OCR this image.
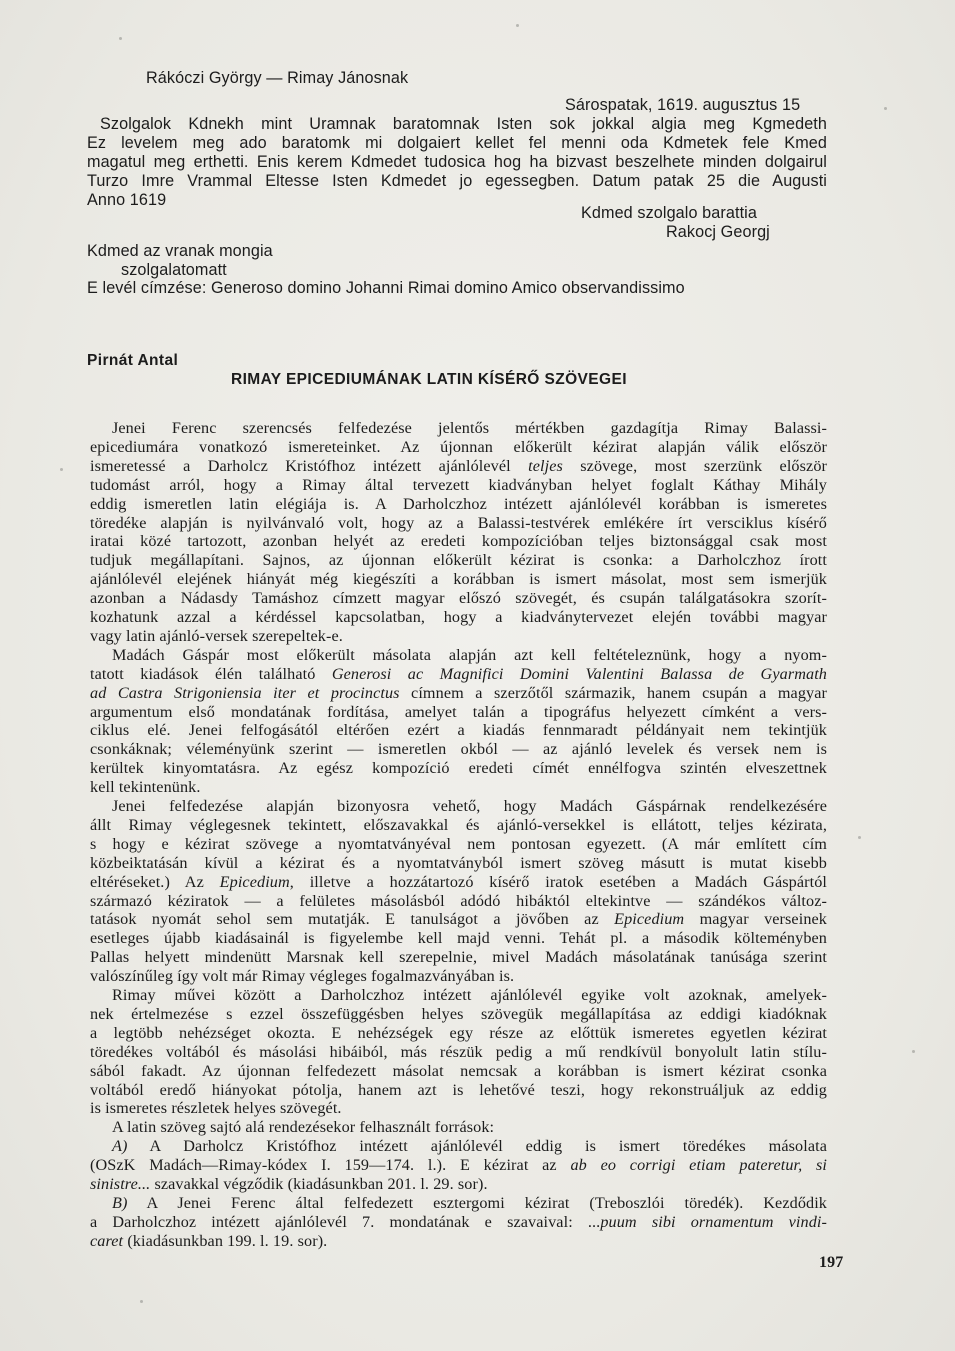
Rákóczi György — Rimay Jánosnak
Sárospatak, 1619. augusztus 15
Szolgalok Kdnekh mint Uramnak baratomnak Isten sok jokkal algia meg Kgmedeth
Ez levelem meg ado baratomk mi dolgaiert kellet fel menni oda Kdmetek fele Kmed
magatul meg erthetti. Enis kerem Kdmedet tudosica hog ha bizvast beszelhete minden dolgairul
Turzo Imre Vrammal Eltesse Isten Kdmedet jo egessegben. Datum patak 25 die Augusti
Anno 1619
Kdmed szolgalo barattia
Rakocj Georgj
Kdmed az vranak mongia
szolgalatomatt
E levél címzése: Generoso domino Johanni Rimai domino Amico observandissimo
Pirnát Antal
RIMAY EPICEDIUMÁNAK LATIN KÍSÉRŐ SZÖVEGEI
Jenei Ferenc szerencsés felfedezése jelentős mértékben gazdagítja Rimay Balassi-
epicediumára vonatkozó ismereteinket. Az újonnan előkerült kézirat alapján válik először
ismeretessé a Darholcz Kristófhoz intézett ajánlólevél teljes szövege, most szerzünk először
tudomást arról, hogy a Rimay által tervezett kiadványban helyet foglalt Káthay Mihály
eddig ismeretlen latin elégiája is. A Darholczhoz intézett ajánlólevél korábban is ismeretes
töredéke alapján is nyilvánvaló volt, hogy az a Balassi-testvérek emlékére írt versciklus kísérő
iratai közé tartozott, azonban helyét az eredeti kompozícióban teljes biztonsággal csak most
tudjuk megállapítani. Sajnos, az újonnan előkerült kézirat is csonka: a Darholczhoz írott
ajánlólevél elejének hiányát még kiegészíti a korábban is ismert másolat, most sem ismerjük
azonban a Nádasdy Tamáshoz címzett magyar előszó szövegét, és csupán találgatásokra szorít-
kozhatunk azzal a kérdéssel kapcsolatban, hogy a kiadványtervezet elején további magyar
vagy latin ajánló-versek szerepeltek-e.
Madách Gáspár most előkerült másolata alapján azt kell feltételeznünk, hogy a nyom-
tatott kiadások élén található Generosi ac Magnifici Domini Valentini Balassa de Gyarmath
ad Castra Strigoniensia iter et procinctus címnem a szerzőtől származik, hanem csupán a magyar
argumentum első mondatának fordítása, amelyet talán a tipográfus helyezett címként a vers-
ciklus elé. Jenei felfogásától eltérően ezért a kiadás fennmaradt példányait nem tekintjük
csonkáknak; véleményünk szerint — ismeretlen okból — az ajánló levelek és versek nem is
kerültek kinyomtatásra. Az egész kompozíció eredeti címét ennélfogva szintén elveszettnek
kell tekintenünk.
Jenei felfedezése alapján bizonyosra vehető, hogy Madách Gáspárnak rendelkezésére
állt Rimay véglegesnek tekintett, előszavakkal és ajánló-versekkel is ellátott, teljes kézirata,
s hogy e kézirat szövege a nyomtatványéval nem pontosan egyezett. (A már említett cím
közbeiktatásán kívül a kézirat és a nyomtatványból ismert szöveg másutt is mutat kisebb
eltéréseket.) Az Epicedium, illetve a hozzátartozó kísérő iratok esetében a Madách Gáspártól
származó kéziratok — a felületes másolásból adódó hibáktól eltekintve — szándékos változ-
tatások nyomát sehol sem mutatják. E tanulságot a jövőben az Epicedium magyar verseinek
esetleges újabb kiadásainál is figyelembe kell majd venni. Tehát pl. a második költeményben
Pallas helyett mindenütt Marsnak kell szerepelnie, mivel Madách másolatának tanúsága szerint
valószínűleg így volt már Rimay végleges fogalmazványában is.
Rimay művei között a Darholczhoz intézett ajánlólevél egyike volt azoknak, amelyek-
nek értelmezése s ezzel összefüggésben helyes szövegük megállapítása az eddigi kiadóknak
a legtöbb nehézséget okozta. E nehézségek egy része az előttük ismeretes egyetlen kézirat
töredékes voltából és másolási hibáiból, más részük pedig a mű rendkívül bonyolult latin stílu-
sából fakadt. Az újonnan felfedezett másolat nemcsak a korábban is ismert kézirat csonka
voltából eredő hiányokat pótolja, hanem azt is lehetővé teszi, hogy rekonstruáljuk az eddig
is ismeretes részletek helyes szövegét.
A latin szöveg sajtó alá rendezésekor felhasznált források:
A) A Darholcz Kristófhoz intézett ajánlólevél eddig is ismert töredékes másolata
(OSzK Madách—Rimay-kódex I. 159—174. l.). E kézirat az ab eo corrigi etiam pateretur, si
sinistre... szavakkal végződik (kiadásunkban 201. l. 29. sor).
B) A Jenei Ferenc által felfedezett esztergomi kézirat (Treboszlói töredék). Kezdődik
a Darholczhoz intézett ajánlólevél 7. mondatának e szavaival: ...puum sibi ornamentum vindi-
caret (kiadásunkban 199. l. 19. sor).
197
